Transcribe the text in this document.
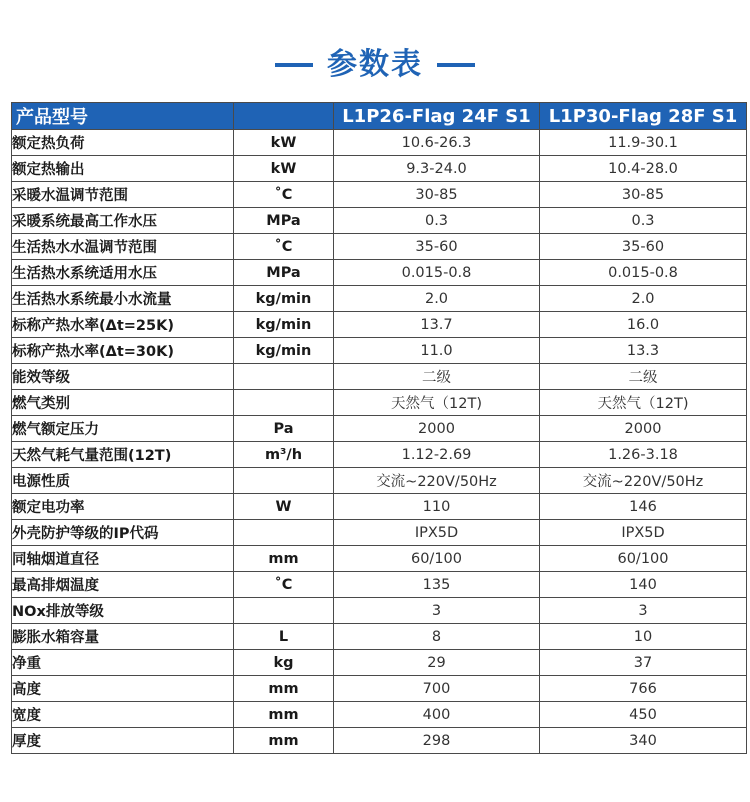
参数表
产品型号		L1P26-Flag 24F S1	L1P30-Flag 28F S1
额定热负荷	kW	10.6-26.3	11.9-30.1
额定热输出	kW	9.3-24.0	10.4-28.0
采暖水温调节范围	˚C	30-85	30-85
采暖系统最高工作水压	MPa	0.3	0.3
生活热水水温调节范围	˚C	35-60	35-60
生活热水系统适用水压	MPa	0.015-0.8	0.015-0.8
生活热水系统最小水流量	kg/min	2.0	2.0
标称产热水率(Δt=25K)	kg/min	13.7	16.0
标称产热水率(Δt=30K)	kg/min	11.0	13.3
能效等级		二级	二级
燃气类别		天然气（12T)	天然气（12T)
燃气额定压力	Pa	2000	2000
天然气耗气量范围(12T)	m³/h	1.12-2.69	1.26-3.18
电源性质		交流~220V/50Hz	交流~220V/50Hz
额定电功率	W	110	146
外壳防护等级的IP代码		IPX5D	IPX5D
同轴烟道直径	mm	60/100	60/100
最高排烟温度	˚C	135	140
NOx排放等级		3	3
膨胀水箱容量	L	8	10
净重	kg	29	37
高度	mm	700	766
宽度	mm	400	450
厚度	mm	298	340
